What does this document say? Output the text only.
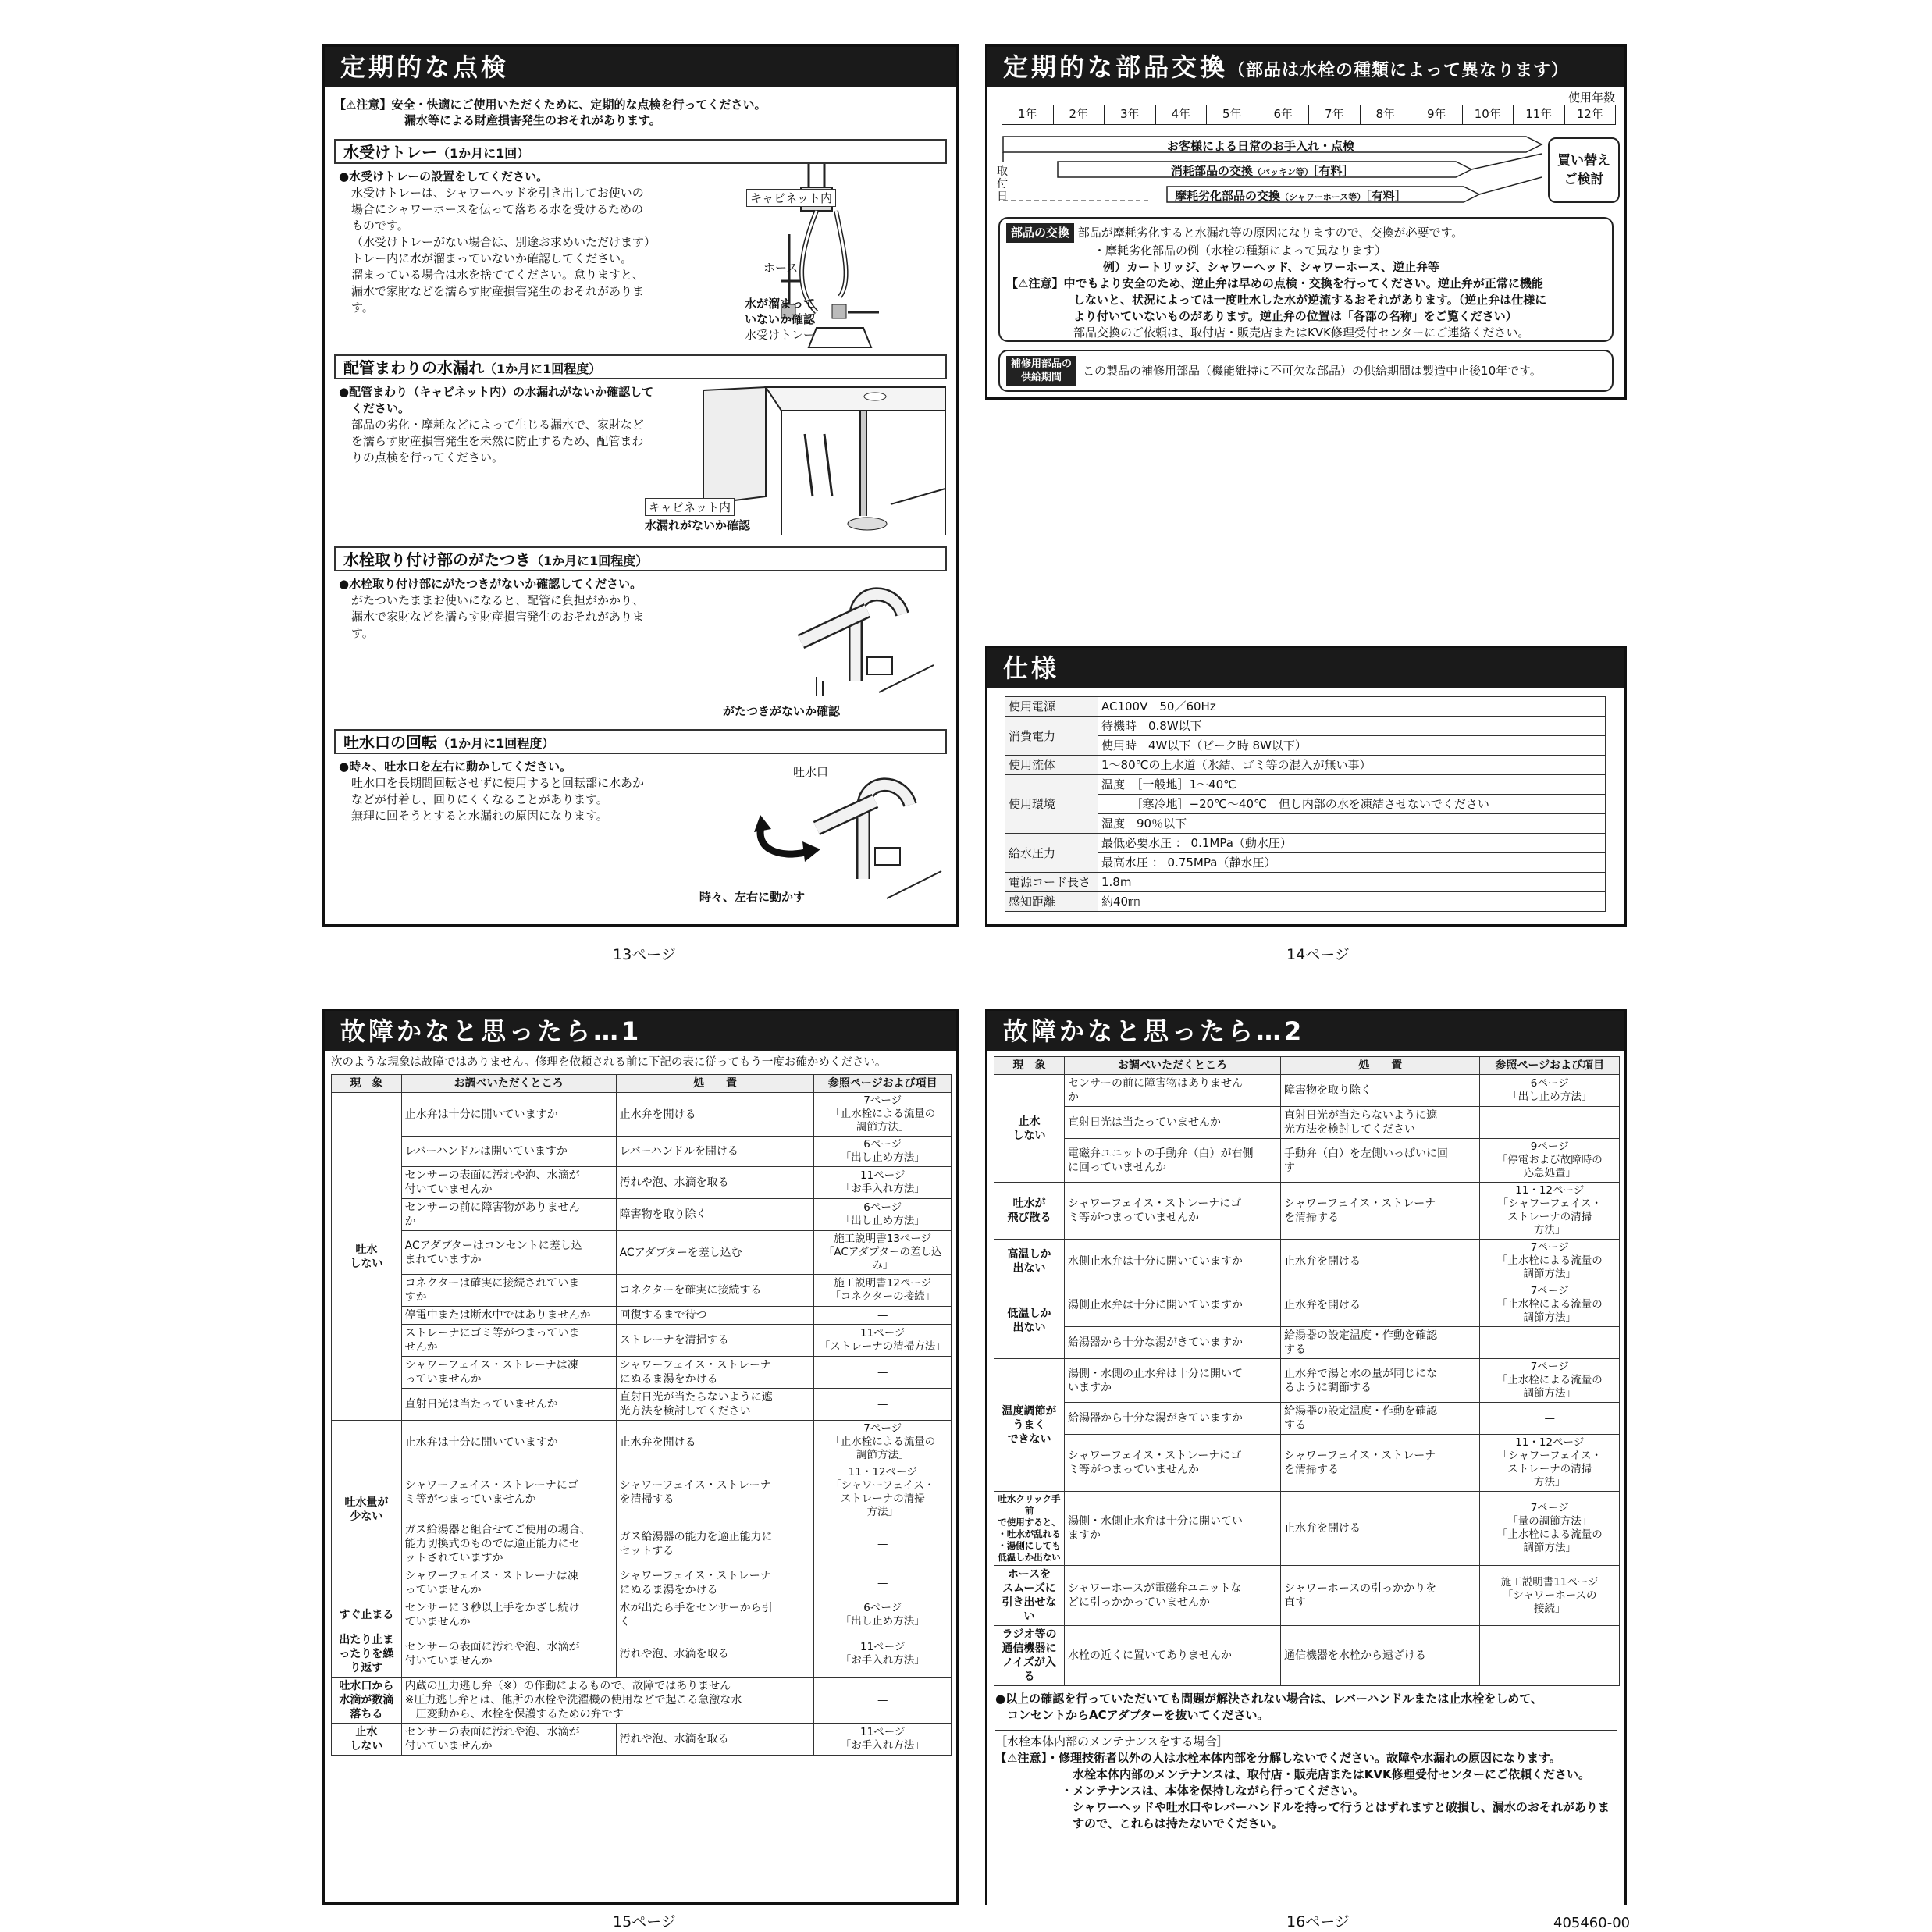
定期的な点検
【⚠注意】安全・快適にご使用いただくために、定期的な点検を行ってください。
漏水等による財産損害発生のおそれがあります。
水受けトレー（1か月に1回）
●水受けトレーの設置をしてください。
水受けトレーは、シャワーヘッドを引き出してお使いの
場合にシャワーホースを伝って落ちる水を受けるための
ものです。
（水受けトレーがない場合は、別途お求めいただけます）
トレー内に水が溜まっていないか確認してください。
溜まっている場合は水を捨ててください。怠りますと、
漏水で家財などを濡らす財産損害発生のおそれがありま
す。
キャビネット内
ホース
水が溜まって
いないか確認
水受けトレー
配管まわりの水漏れ（1か月に1回程度）
●配管まわり（キャビネット内）の水漏れがないか確認して
ください。
部品の劣化・摩耗などによって生じる漏水で、家財など
を濡らす財産損害発生を未然に防止するため、配管まわ
りの点検を行ってください。
キャビネット内
水漏れがないか確認
水栓取り付け部のがたつき（1か月に1回程度）
●水栓取り付け部にがたつきがないか確認してください。
がたついたままお使いになると、配管に負担がかかり、
漏水で家財などを濡らす財産損害発生のおそれがありま
す。
がたつきがないか確認
吐水口の回転（1か月に1回程度）
●時々、吐水口を左右に動かしてください。
吐水口を長期間回転させずに使用すると回転部に水あか
などが付着し、回りにくくなることがあります。
無理に回そうとすると水漏れの原因になります。
吐水口
時々、左右に動かす
13ページ
定期的な部品交換（部品は水栓の種類によって異なります）
使用年数
1年	2年	3年	4年	5年	6年	7年	8年	9年	10年	11年	12年
取
付
日
お客様による日常のお手入れ・点検
消耗部品の交換（パッキン等）［有料］
摩耗劣化部品の交換（シャワーホース等）［有料］
買い替え
ご検討
部品の交換 部品が摩耗劣化すると水漏れ等の原因になりますので、交換が必要です。
・摩耗劣化部品の例（水栓の種類によって異なります）
例）カートリッジ、シャワーヘッド、シャワーホース、逆止弁等
【⚠注意】中でもより安全のため、逆止弁は早めの点検・交換を行ってください。逆止弁が正常に機能
しないと、状況によっては一度吐水した水が逆流するおそれがあります。（逆止弁は仕様に
より付いていないものがあります。逆止弁の位置は「各部の名称」をご覧ください）
部品交換のご依頼は、取付店・販売店またはKVK修理受付センターにご連絡ください。
補修用部品の
供給期間	この製品の補修用部品（機能維持に不可欠な部品）の供給期間は製造中止後10年です。
仕様
使用電源	AC100V　50／60Hz
消費電力	待機時　0.8W以下
	使用時　4W以下（ピーク時 8W以下）
使用流体	1～80℃の上水道（氷結、ゴミ等の混入が無い事）
使用環境	温度　［一般地］1～40℃
	　　　［寒冷地］−20℃～40℃　但し内部の水を凍結させないでください
	湿度　90％以下
給水圧力	最低必要水圧 ： 0.1MPa（動水圧）
	最高水圧 ： 0.75MPa（静水圧）
電源コード長さ	1.8m
感知距離	約40㎜
14ページ
故障かなと思ったら…1
次のような現象は故障ではありません。修理を依頼される前に下記の表に従ってもう一度お確かめください。
現　象	お調べいただくところ	処　　置	参照ページおよび項目
吐水
しない	止水弁は十分に開いていますか	止水弁を開ける	7ページ
「止水栓による流量の
調節方法」
	レバーハンドルは開いていますか	レバーハンドルを開ける	6ページ
「出し止め方法」
	センサーの表面に汚れや泡、水滴が
付いていませんか	汚れや泡、水滴を取る	11ページ
「お手入れ方法」
	センサーの前に障害物がありません
か	障害物を取り除く	6ページ
「出し止め方法」
	ACアダプターはコンセントに差し込
まれていますか	ACアダプターを差し込む	施工説明書13ページ
「ACアダプターの差し込み」
	コネクターは確実に接続されていま
すか	コネクターを確実に接続する	施工説明書12ページ
「コネクターの接続」
	停電中または断水中ではありませんか	回復するまで待つ	—
	ストレーナにゴミ等がつまっていま
せんか	ストレーナを清掃する	11ページ
「ストレーナの清掃方法」
	シャワーフェイス・ストレーナは凍
っていませんか	シャワーフェイス・ストレーナ
にぬるま湯をかける	—
	直射日光は当たっていませんか	直射日光が当たらないように遮
光方法を検討してください	—
吐水量が
少ない	止水弁は十分に開いていますか	止水弁を開ける	7ページ
「止水栓による流量の
調節方法」
	シャワーフェイス・ストレーナにゴ
ミ等がつまっていませんか	シャワーフェイス・ストレーナ
を清掃する	11・12ページ
「シャワーフェイス・
ストレーナの清掃
方法」
	ガス給湯器と組合せてご使用の場合、
能力切換式のものでは適正能力にセ
ットされていますか	ガス給湯器の能力を適正能力に
セットする	—
	シャワーフェイス・ストレーナは凍
っていませんか	シャワーフェイス・ストレーナ
にぬるま湯をかける	—
すぐ止まる	センサーに３秒以上手をかざし続け
ていませんか	水が出たら手をセンサーから引
く	6ページ
「出し止め方法」
出たり止ま
ったりを繰
り返す	センサーの表面に汚れや泡、水滴が
付いていませんか	汚れや泡、水滴を取る	11ページ
「お手入れ方法」
吐水口から
水滴が数滴
落ちる	内蔵の圧力逃し弁（※）の作動によるもので、故障ではありません
※圧力逃し弁とは、他所の水栓や洗濯機の使用などで起こる急激な水
　圧変動から、水栓を保護するための弁です		—
止水
しない	センサーの表面に汚れや泡、水滴が
付いていませんか	汚れや泡、水滴を取る	11ページ
「お手入れ方法」
15ページ
故障かなと思ったら…2
現　象	お調べいただくところ	処　　置	参照ページおよび項目
止水
しない	センサーの前に障害物はありません
か	障害物を取り除く	6ページ
「出し止め方法」
	直射日光は当たっていませんか	直射日光が当たらないように遮
光方法を検討してください	—
	電磁弁ユニットの手動弁（白）が右側
に回っていませんか	手動弁（白）を左側いっぱいに回
す	9ページ
「停電および故障時の
応急処置」
吐水が
飛び散る	シャワーフェイス・ストレーナにゴ
ミ等がつまっていませんか	シャワーフェイス・ストレーナ
を清掃する	11・12ページ
「シャワーフェイス・
ストレーナの清掃
方法」
高温しか
出ない	水側止水弁は十分に開いていますか	止水弁を開ける	7ページ
「止水栓による流量の
調節方法」
低温しか
出ない	湯側止水弁は十分に開いていますか	止水弁を開ける	7ページ
「止水栓による流量の
調節方法」
	給湯器から十分な湯がきていますか	給湯器の設定温度・作動を確認
する	—
温度調節が
うまく
できない	湯側・水側の止水弁は十分に開いて
いますか	止水弁で湯と水の量が同じにな
るように調節する	7ページ
「止水栓による流量の
調節方法」
	給湯器から十分な湯がきていますか	給湯器の設定温度・作動を確認
する	—
	シャワーフェイス・ストレーナにゴ
ミ等がつまっていませんか	シャワーフェイス・ストレーナ
を清掃する	11・12ページ
「シャワーフェイス・
ストレーナの清掃
方法」
吐水クリック手前
で使用すると、
・吐水が乱れる
・湯側にしても
低温しか出ない	湯側・水側止水弁は十分に開いてい
ますか	止水弁を開ける	7ページ
「量の調節方法」
「止水栓による流量の
調節方法」
ホースを
スムーズに
引き出せない	シャワーホースが電磁弁ユニットな
どに引っかかっていませんか	シャワーホースの引っかかりを
直す	施工説明書11ページ
「シャワーホースの
接続」
ラジオ等の
通信機器に
ノイズが入る	水栓の近くに置いてありませんか	通信機器を水栓から遠ざける	—
●以上の確認を行っていただいても問題が解決されない場合は、レバーハンドルまたは止水栓をしめて、
　コンセントからACアダプターを抜いてください。
［水栓本体内部のメンテナンスをする場合］
【⚠注意】・修理技術者以外の人は水栓本体内部を分解しないでください。故障や水漏れの原因になります。
　水栓本体内部のメンテナンスは、取付店・販売店またはKVK修理受付センターにご依頼ください。
・メンテナンスは、本体を保持しながら行ってください。
　シャワーヘッドや吐水口やレバーハンドルを持って行うとはずれますと破損し、漏水のおそれがありま
　すので、これらは持たないでください。
16ページ	405460-00
